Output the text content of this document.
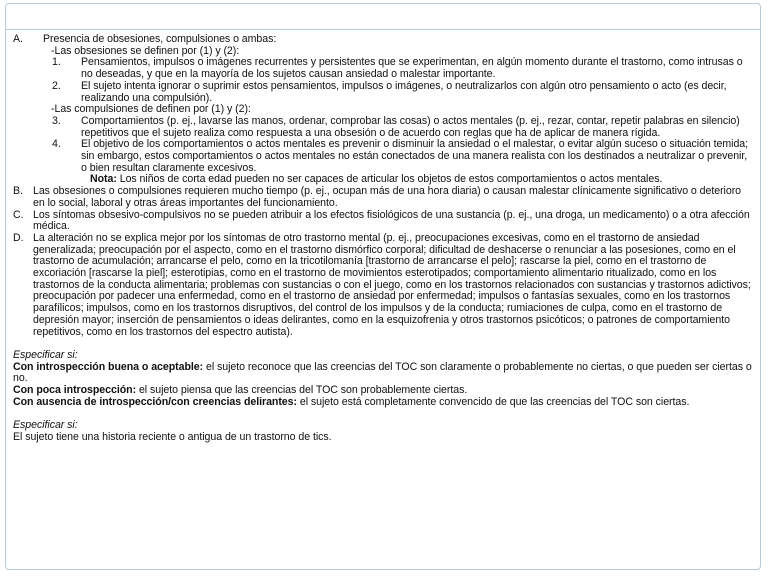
A.	Presencia de obsesiones, compulsiones o ambas:
-Las obsesiones se definen por (1) y (2):
1.	Pensamientos, impulsos o imágenes recurrentes y persistentes que se experimentan, en algún momento durante el trastorno, como intrusas o no deseadas, y que en la mayoría de los sujetos causan ansiedad o malestar importante.
2.	El sujeto intenta ignorar o suprimir estos pensamientos, impulsos o imágenes, o neutralizarlos con algún otro pensamiento o acto (es decir, realizando una compulsión).
-Las compulsiones de definen por (1) y (2):
3.	Comportamientos (p. ej., lavarse las manos, ordenar, comprobar las cosas) o actos mentales (p. ej., rezar, contar, repetir palabras en silencio) repetitivos que el sujeto realiza como respuesta a una obsesión o de acuerdo con reglas que ha de aplicar de manera rígida.
4.	El objetivo de los comportamientos o actos mentales es prevenir o disminuir la ansiedad o el malestar, o evitar algún suceso o situación temida; sin embargo, estos comportamientos o actos mentales no están conectados de una manera realista con los destinados a neutralizar o prevenir, o bien resultan claramente excesivos.
Nota: Los niños de corta edad pueden no ser capaces de articular los objetos de estos comportamientos o actos mentales.
B. Las obsesiones o compulsiones requieren mucho tiempo (p. ej., ocupan más de una hora diaria) o causan malestar clínicamente significativo o deterioro en lo social, laboral y otras áreas importantes del funcionamiento.
C. Los síntomas obsesivo-compulsivos no se pueden atribuir a los efectos fisiológicos de una sustancia (p. ej., una droga, un medicamento) o a otra afección médica.
D. La alteración no se explica mejor por los síntomas de otro trastorno mental (p. ej., preocupaciones excesivas, como en el trastorno de ansiedad generalizada; preocupación por el aspecto, como en el trastorno dismórfico corporal; dificultad de deshacerse o renunciar a las posesiones, como en el trastorno de acumulación; arrancarse el pelo, como en la tricotilomanía [trastorno de arrancarse el pelo]; rascarse la piel, como en el trastorno de excoriación [rascarse la piel]; esterotipias, como en el trastorno de movimientos esterotipados; comportamiento alimentario ritualizado, como en los trastornos de la conducta alimentaria; problemas con sustancias o con el juego, como en los trastornos relacionados con sustancias y trastornos adictivos; preocupación por padecer una enfermedad, como en el trastorno de ansiedad por enfermedad; impulsos o fantasías sexuales, como en los trastornos parafílicos; impulsos, como en los trastornos disruptivos, del control de los impulsos y de la conducta; rumiaciones de culpa, como en el trastorno de depresión mayor; inserción de pensamientos o ideas delirantes, como en la esquizofrenia y otros trastornos psicóticos; o patrones de comportamiento repetitivos, como en los trastornos del espectro autista).
Especificar si:
Con introspección buena o aceptable: el sujeto reconoce que las creencias del TOC son claramente o probablemente no ciertas, o que pueden ser ciertas o no.
Con poca introspección: el sujeto piensa que las creencias del TOC son probablemente ciertas.
Con ausencia de introspección/con creencias delirantes: el sujeto está completamente convencido de que las creencias del TOC son ciertas.
Especificar si:
El sujeto tiene una historia reciente o antigua de un trastorno de tics.
